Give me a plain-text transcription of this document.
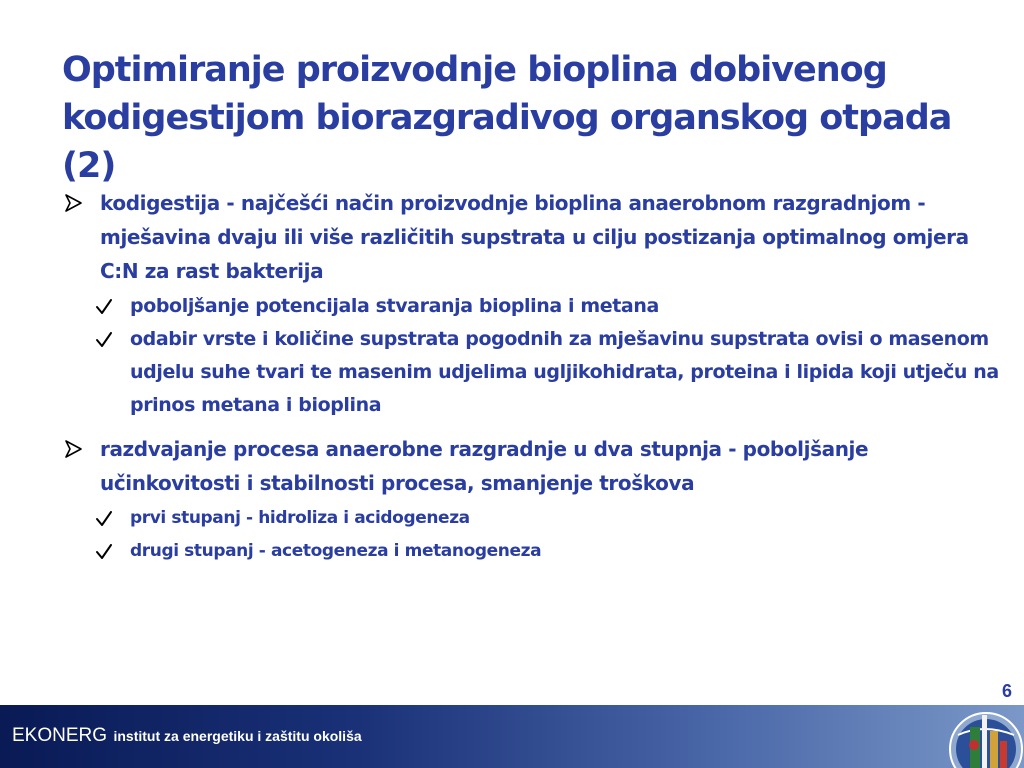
Optimiranje proizvodnje bioplina dobivenog kodigestijom biorazgradivog organskog otpada (2)
kodigestija - najčešći način proizvodnje bioplina anaerobnom razgradnjom - mješavina dvaju ili više različitih supstrata u cilju postizanja optimalnog omjera C:N za rast bakterija
poboljšanje potencijala stvaranja bioplina i metana
odabir vrste i količine supstrata pogodnih za mješavinu supstrata ovisi o masenom udjelu suhe tvari te masenim udjelima ugljikohidrata, proteina i lipida koji utječu na prinos metana i bioplina
razdvajanje procesa anaerobne razgradnje u dva stupnja - poboljšanje učinkovitosti i stabilnosti procesa, smanjenje troškova
prvi stupanj - hidroliza i acidogeneza
drugi stupanj - acetogeneza i metanogeneza
6
EKONERG institut za energetiku i zaštitu okoliša
